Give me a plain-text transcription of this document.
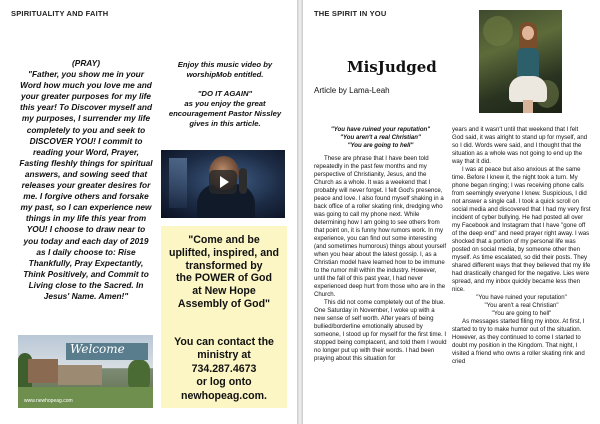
SPIRITUALITY AND FAITH
(PRAY)
"Father, you show me in your
Word how much you love me and
your greater purposes for my life
this year! To Discover myself and
my purposes, I surrender my life
completely to you and seek to
DISCOVER YOU! I commit to
reading your Word, Prayer,
Fasting fleshly things for spiritual
answers, and sowing seed that
releases your greater desires for
me. I forgive others and forsake
my past, so I can experience new
things in my life this year from
YOU! I choose to draw near to
you today and each day of 2019
as I daily choose to: Rise
Thankfully, Pray Expectantly,
Think Positively, and Commit to
Living close to the Sacred. In
Jesus' Name. Amen!"
Enjoy this music video by
worshipMob entitled.
"DO IT AGAIN"
as you enjoy the great
encouragement Pastor Nissley
gives in this article.
"Come and be
uplifted, inspired, and
transformed by
the POWER of God
at New Hope
Assembly of God"
You can contact the
ministry at
734.287.4673
or log onto
newhopeag.com.
Welcome
www.newhopeag.com
THE SPIRIT IN YOU
MisJudged
Article by Lama-Leah

"You have ruined your reputation"

"You aren't a real Christian"

"You are going to hell"

These are phrase that I have been told repeatedly in the past few months and my perspective of Christianity, Jesus, and the Church as a whole. It was a weekend that I probably will never forget. I felt God's presence, peace and love. I also found myself shaking in a back office of a roller skating rink, dredging who was going to call my phone next. While determining how I am going to see others from that point on, it is funny how rumors work. In my experience, you can find out some interesting (and sometimes humorous) things about yourself when you hear about the latest gossip. I, as a Christian model have learned how to be immune to the rumor mill within the industry. However, until the fall of this past year, I had never experienced deep hurt from those who are in the Church.

This did not come completely out of the blue. One Saturday in November, I woke up with a new sense of self worth. After years of being bullied/borderline emotionally abused by someone, I stood up for myself for the first time. I stopped being complacent, and told them I would no longer put up with their words. I had been praying about this situation for

years and it wasn't until that weekend that I felt God said, it was alright to stand up for myself, and so I did. Words were said, and I thought that the situation as a whole was not going to end up the way that it did.

I was at peace but also anxious at the same time. Before I knew it, the night took a turn. My phone began ringing; I was receiving phone calls from seemingly everyone I knew. Suspicious, I did not answer a single call. I took a quick scroll on social media and discovered that I had my very first incident of cyber bullying. He had posted all over my Facebook and Instagram that I have "gone off of the deep end" and need prayer right away. I was shocked that a portion of my personal life was posted on social media, by someone other then myself. As time escalated, so did their posts. They shared different ways that they believed that my life had drastically changed for the negative. Lies were spread, and my inbox quickly became less then nice.

"You have ruined your reputation"

"You aren't a real Christian"

"You are going to hell"

As messages started filing my inbox. At first, I started to try to make humor out of the situation. However, as they continued to come I started to doubt my position in the Kingdom. That night, I visited a friend who owns a roller skating rink and cried
